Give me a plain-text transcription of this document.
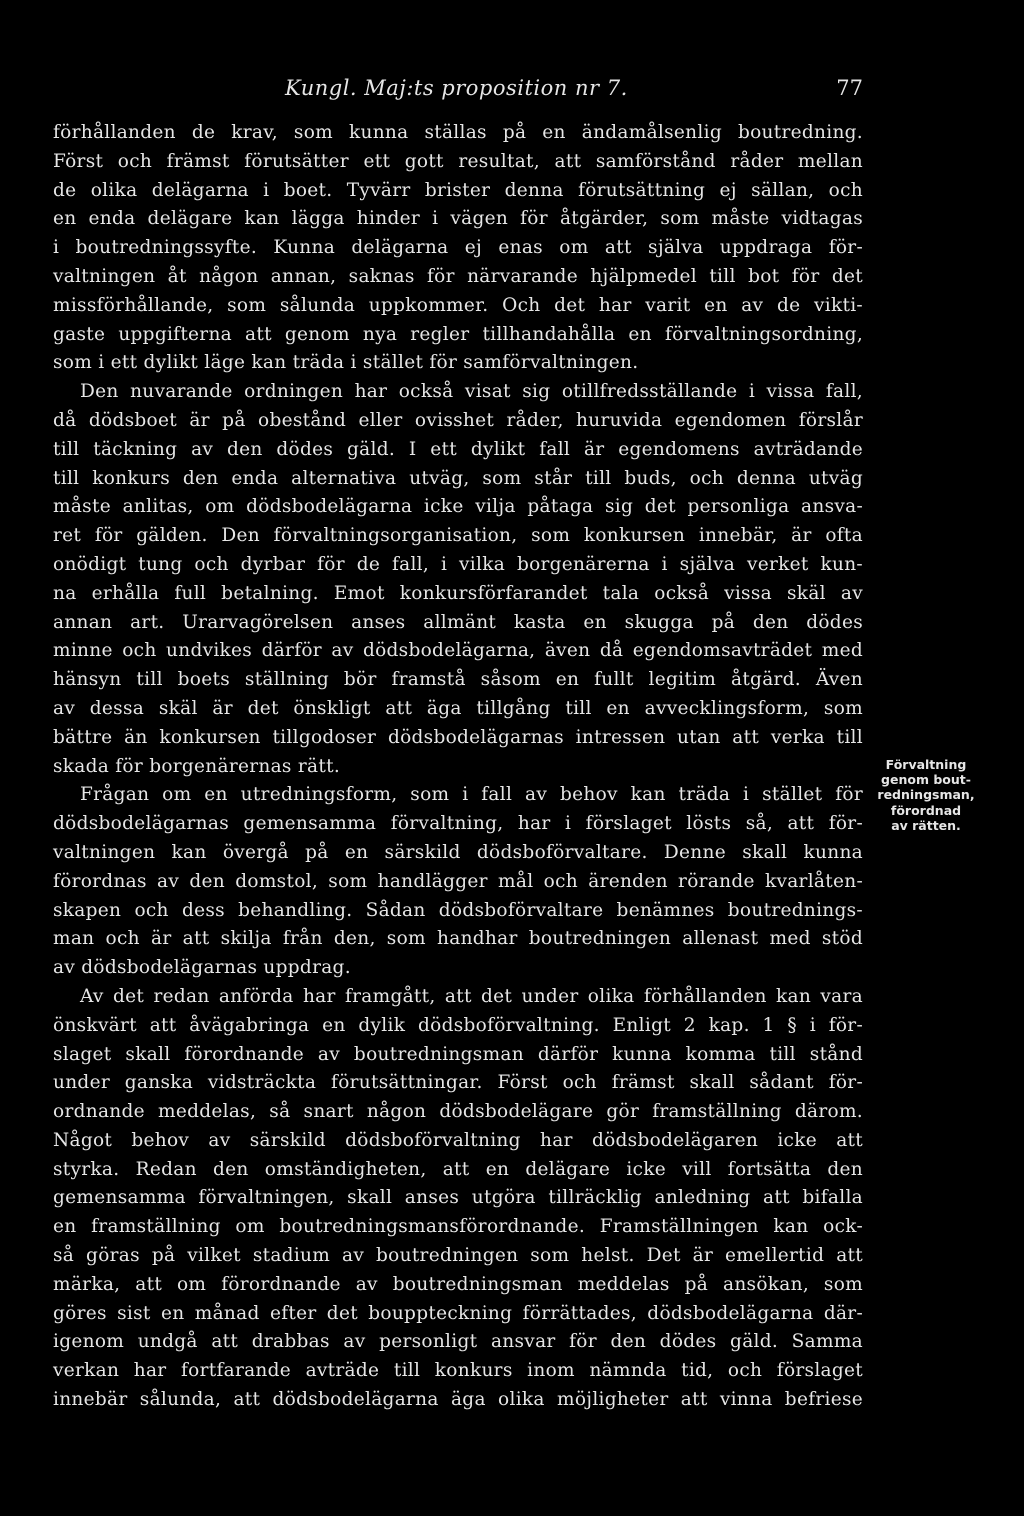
Kungl. Maj:ts proposition nr 7.	77
förhållanden de krav, som kunna ställas på en ändamålsenlig boutredning.
Först och främst förutsätter ett gott resultat, att samförstånd råder mellan
de olika delägarna i boet. Tyvärr brister denna förutsättning ej sällan, och
en enda delägare kan lägga hinder i vägen för åtgärder, som måste vidtagas
i boutredningssyfte. Kunna delägarna ej enas om att själva uppdraga för-
valtningen åt någon annan, saknas för närvarande hjälpmedel till bot för det
missförhållande, som sålunda uppkommer. Och det har varit en av de vikti-
gaste uppgifterna att genom nya regler tillhandahålla en förvaltningsordning,
som i ett dylikt läge kan träda i stället för samförvaltningen.
Den nuvarande ordningen har också visat sig otillfredsställande i vissa fall,
då dödsboet är på obestånd eller ovisshet råder, huruvida egendomen förslår
till täckning av den dödes gäld. I ett dylikt fall är egendomens avträdande
till konkurs den enda alternativa utväg, som står till buds, och denna utväg
måste anlitas, om dödsbodelägarna icke vilja påtaga sig det personliga ansva-
ret för gälden. Den förvaltningsorganisation, som konkursen innebär, är ofta
onödigt tung och dyrbar för de fall, i vilka borgenärerna i själva verket kun-
na erhålla full betalning. Emot konkursförfarandet tala också vissa skäl av
annan art. Urarvagörelsen anses allmänt kasta en skugga på den dödes
minne och undvikes därför av dödsbodelägarna, även då egendomsavträdet med
hänsyn till boets ställning bör framstå såsom en fullt legitim åtgärd. Även
av dessa skäl är det önskligt att äga tillgång till en avvecklingsform, som
bättre än konkursen tillgodoser dödsbodelägarnas intressen utan att verka till
skada för borgenärernas rätt.
Frågan om en utredningsform, som i fall av behov kan träda i stället för
dödsbodelägarnas gemensamma förvaltning, har i förslaget lösts så, att för-
valtningen kan övergå på en särskild dödsboförvaltare. Denne skall kunna
förordnas av den domstol, som handlägger mål och ärenden rörande kvarlåten-
skapen och dess behandling. Sådan dödsboförvaltare benämnes boutrednings-
man och är att skilja från den, som handhar boutredningen allenast med stöd
av dödsbodelägarnas uppdrag.
Av det redan anförda har framgått, att det under olika förhållanden kan vara
önskvärt att åvägabringa en dylik dödsboförvaltning. Enligt 2 kap. 1 § i för-
slaget skall förordnande av boutredningsman därför kunna komma till stånd
under ganska vidsträckta förutsättningar. Först och främst skall sådant för-
ordnande meddelas, så snart någon dödsbodelägare gör framställning därom.
Något behov av särskild dödsboförvaltning har dödsbodelägaren icke att
styrka. Redan den omständigheten, att en delägare icke vill fortsätta den
gemensamma förvaltningen, skall anses utgöra tillräcklig anledning att bifalla
en framställning om boutredningsmansförordnande. Framställningen kan ock-
så göras på vilket stadium av boutredningen som helst. Det är emellertid att
märka, att om förordnande av boutredningsman meddelas på ansökan, som
göres sist en månad efter det bouppteckning förrättades, dödsbodelägarna där-
igenom undgå att drabbas av personligt ansvar för den dödes gäld. Samma
verkan har fortfarande avträde till konkurs inom nämnda tid, och förslaget
innebär sålunda, att dödsbodelägarna äga olika möjligheter att vinna befriese
Förvaltning
genom bout-
redningsman,
förordnad
av rätten.
